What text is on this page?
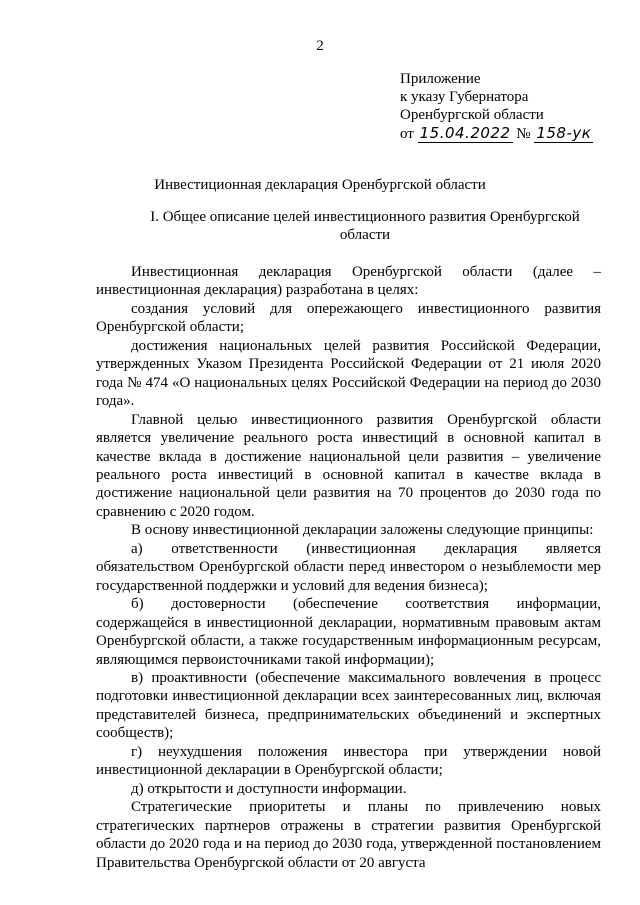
2
Приложение
к указу Губернатора
Оренбургской области
от 15.04.2022 № 158-ук
Инвестиционная декларация Оренбургской области
I. Общее описание целей инвестиционного развития Оренбургской области

Инвестиционная декларация Оренбургской области (далее – инвестиционная декларация) разработана в целях:

создания условий для опережающего инвестиционного развития Оренбургской области;

достижения национальных целей развития Российской Федерации, утвержденных Указом Президента Российской Федерации от 21 июля 2020 года № 474 «О национальных целях Российской Федерации на период до 2030 года».

Главной целью инвестиционного развития Оренбургской области является увеличение реального роста инвестиций в основной капитал в качестве вклада в достижение национальной цели развития – увеличение реального роста инвестиций в основной капитал в качестве вклада в достижение национальной цели развития на 70 процентов до 2030 года по сравнению с 2020 годом.

В основу инвестиционной декларации заложены следующие принципы:

а) ответственности (инвестиционная декларация является обязательством Оренбургской области перед инвестором о незыблемости мер государственной поддержки и условий для ведения бизнеса);

б) достоверности (обеспечение соответствия информации, содержащейся в инвестиционной декларации, нормативным правовым актам Оренбургской области, а также государственным информационным ресурсам, являющимся первоисточниками такой информации);

в) проактивности (обеспечение максимального вовлечения в процесс подготовки инвестиционной декларации всех заинтересованных лиц, включая представителей бизнеса, предпринимательских объединений и экспертных сообществ);

г) неухудшения положения инвестора при утверждении новой инвестиционной декларации в Оренбургской области;

д) открытости и доступности информации.

Стратегические приоритеты и планы по привлечению новых стратегических партнеров отражены в стратегии развития Оренбургской области до 2020 года и на период до 2030 года, утвержденной постановлением Правительства Оренбургской области от 20 августа
